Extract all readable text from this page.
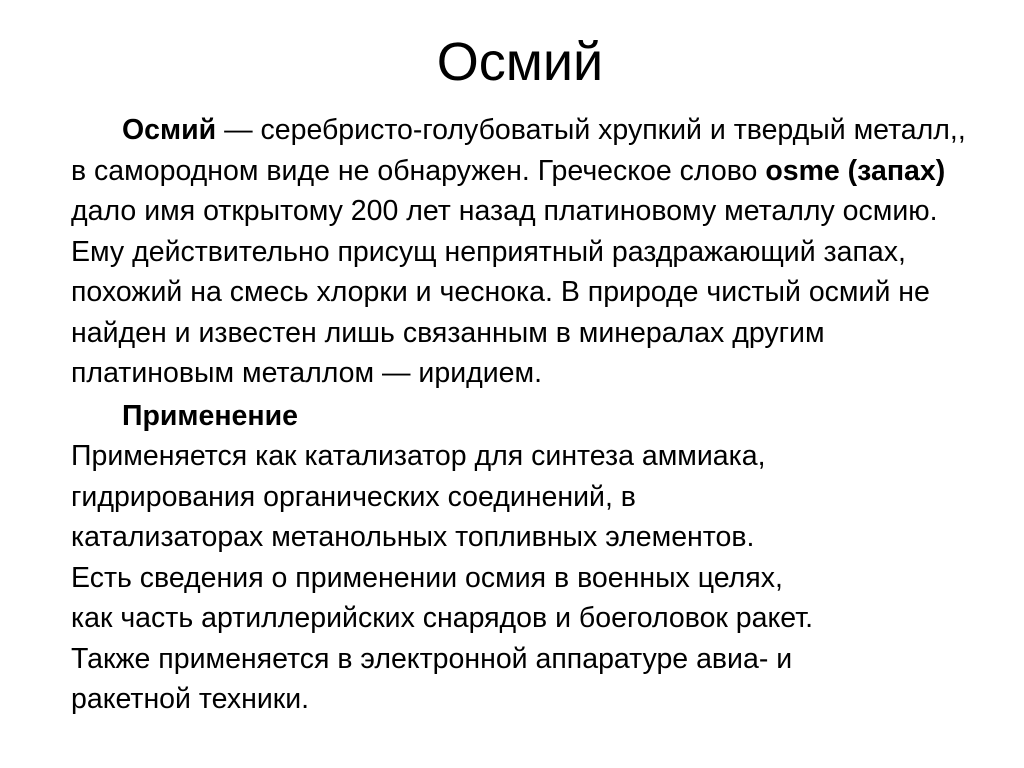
Осмий

Осмий — серебристо-голубоватый хрупкий и твердый металл,, в самородном виде не обнаружен. Греческое слово osme (запах) дало имя открытому 200 лет назад платиновому металлу осмию. Ему действительно присущ неприятный раздражающий запах, похожий на смесь хлорки и чеснока. В природе чистый осмий не найден и известен лишь связанным в минералах другим платиновым металлом — иридием.

Применение
Применяется как катализатор для синтеза аммиака,
гидрирования органических соединений, в
катализаторах метанольных топливных элементов.
Есть сведения о применении осмия в военных целях,
как часть артиллерийских снарядов и боеголовок ракет.
Также применяется в электронной аппаратуре авиа- и
ракетной техники.
